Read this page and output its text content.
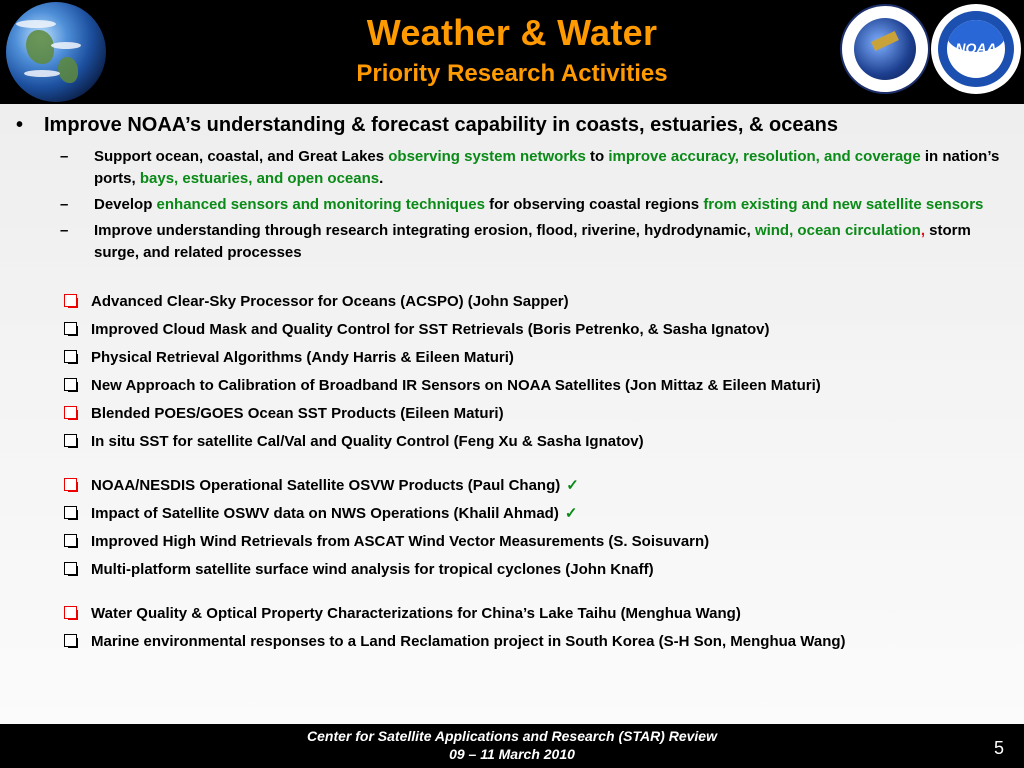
Weather & Water
Priority Research Activities
NOAA
• Improve NOAA’s understanding & forecast capability in coasts, estuaries, & oceans
– Support ocean, coastal, and Great Lakes observing system networks to improve accuracy, resolution, and coverage in nation’s ports, bays, estuaries, and open oceans.
– Develop enhanced sensors and monitoring techniques for observing coastal regions from existing and new satellite sensors
– Improve understanding through research integrating erosion, flood, riverine, hydrodynamic, wind, ocean circulation, storm surge, and related processes
Advanced Clear-Sky Processor for Oceans (ACSPO) (John Sapper)
Improved Cloud Mask and Quality Control for SST Retrievals (Boris Petrenko, & Sasha Ignatov)
Physical Retrieval Algorithms (Andy Harris & Eileen Maturi)
New Approach to Calibration of Broadband IR Sensors on NOAA Satellites (Jon Mittaz & Eileen Maturi)
Blended POES/GOES Ocean SST Products (Eileen Maturi)
In situ SST for satellite Cal/Val and Quality Control (Feng Xu & Sasha Ignatov)
NOAA/NESDIS Operational Satellite OSVW Products (Paul Chang) ✓
Impact of Satellite OSWV data on NWS Operations (Khalil Ahmad) ✓
Improved High Wind Retrievals from ASCAT Wind Vector Measurements (S. Soisuvarn)
Multi-platform satellite surface wind analysis for tropical cyclones (John Knaff)
Water Quality & Optical Property Characterizations for China’s Lake Taihu (Menghua Wang)
Marine environmental responses to a Land Reclamation project in South Korea (S-H Son, Menghua Wang)
Center for Satellite Applications and Research (STAR) Review
09 – 11 March 2010	5
